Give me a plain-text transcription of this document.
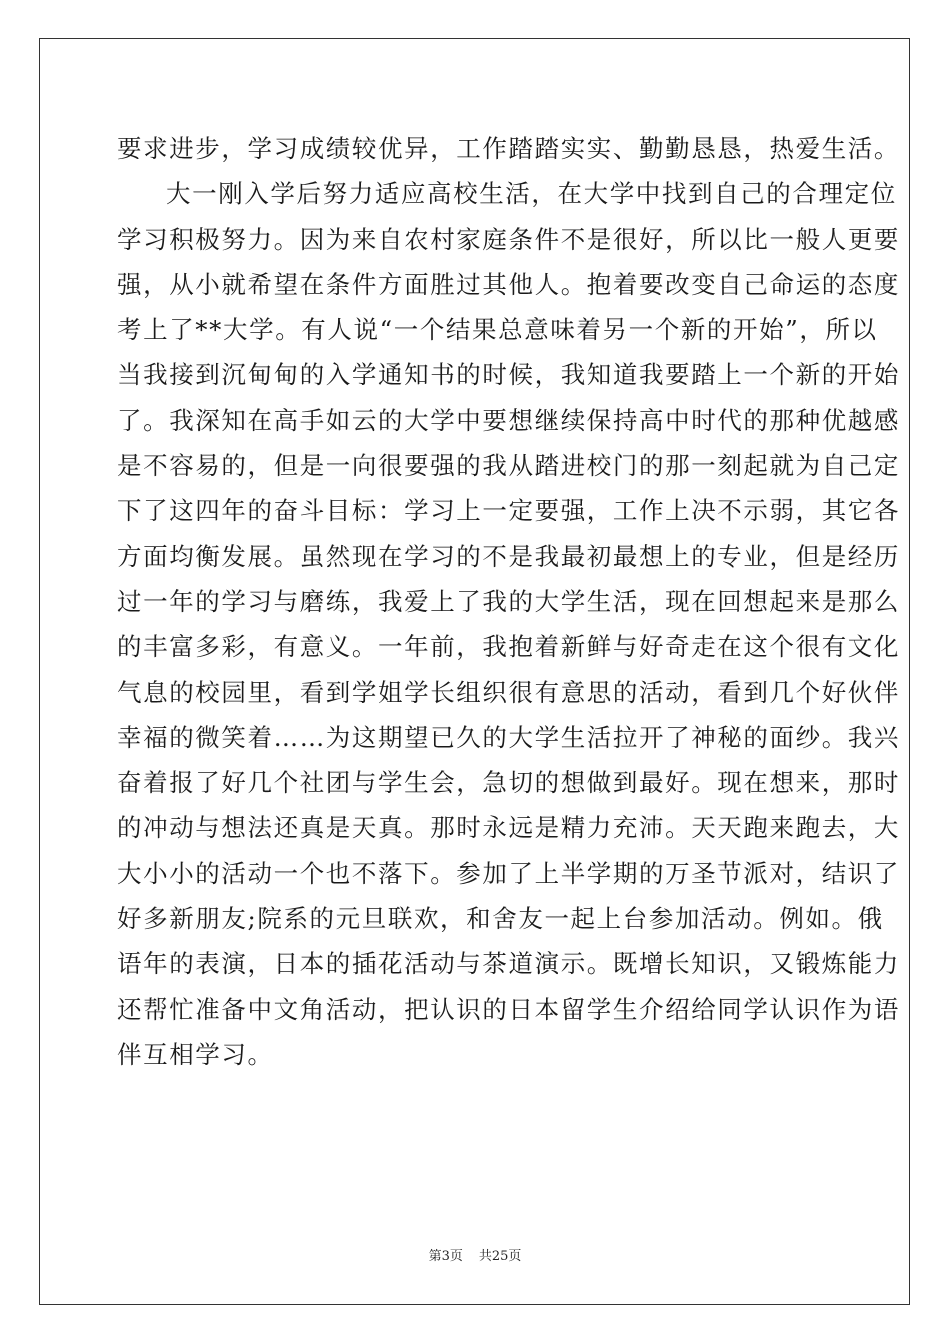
要求进步，学习成绩较优异，工作踏踏实实、勤勤恳恳，热爱生活。
大一刚入学后努力适应高校生活，在大学中找到自己的合理定位
学习积极努力。因为来自农村家庭条件不是很好，所以比一般人更要
强，从小就希望在条件方面胜过其他人。抱着要改变自己命运的态度
考上了**大学。有人说“一个结果总意味着另一个新的开始”，所以
当我接到沉甸甸的入学通知书的时候，我知道我要踏上一个新的开始
了。我深知在高手如云的大学中要想继续保持高中时代的那种优越感
是不容易的，但是一向很要强的我从踏进校门的那一刻起就为自己定
下了这四年的奋斗目标：学习上一定要强，工作上决不示弱，其它各
方面均衡发展。虽然现在学习的不是我最初最想上的专业，但是经历
过一年的学习与磨练，我爱上了我的大学生活，现在回想起来是那么
的丰富多彩，有意义。一年前，我抱着新鲜与好奇走在这个很有文化
气息的校园里，看到学姐学长组织很有意思的活动，看到几个好伙伴
幸福的微笑着……为这期望已久的大学生活拉开了神秘的面纱。我兴
奋着报了好几个社团与学生会，急切的想做到最好。现在想来，那时
的冲动与想法还真是天真。那时永远是精力充沛。天天跑来跑去，大
大小小的活动一个也不落下。参加了上半学期的万圣节派对，结识了
好多新朋友;院系的元旦联欢，和舍友一起上台参加活动。例如。俄
语年的表演，日本的插花活动与茶道演示。既增长知识，又锻炼能力
还帮忙准备中文角活动，把认识的日本留学生介绍给同学认识作为语
伴互相学习。
第3页 共25页
